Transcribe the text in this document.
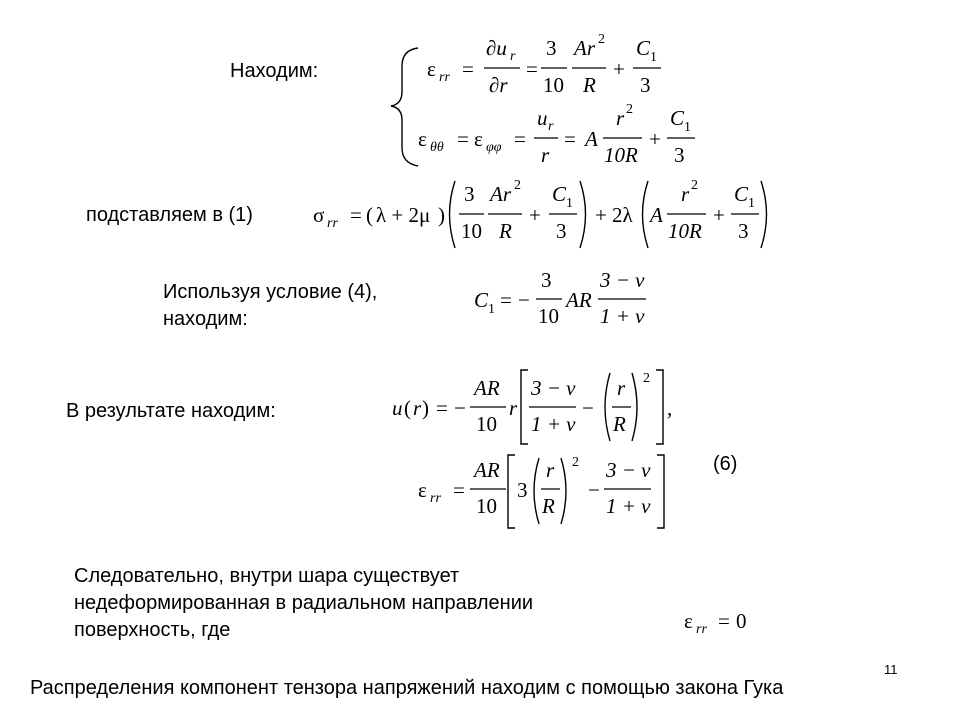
Находим:
подставляем в (1)
Используя условие (4),
находим:
В результате находим:
(6)
Следовательно, внутри шара существует
недеформированная в радиальном направлении
поверхность, где
Распределения компонент тензора напряжений находим с помощью закона Гука
11
ε rr =
∂u r
∂r
=
3
10
Ar 2
R
+
C 1
3
ε θθ = ε φφ =
u r
r
= A
r 2
10R
+
C 1
3
σ rr = ( λ + 2μ )
3
10
Ar 2
R
+
C 1
3
+ 2λ A
r 2
10R
+
C 1
3
C 1 = −
3
10
AR
3 − ν
1 + ν
u ( r ) = −
AR
10
r
3 − ν
1 + ν
−
r
R
2
,
ε rr =
AR
10
3
r
R
2
−
3 − ν
1 + ν
ε rr = 0
